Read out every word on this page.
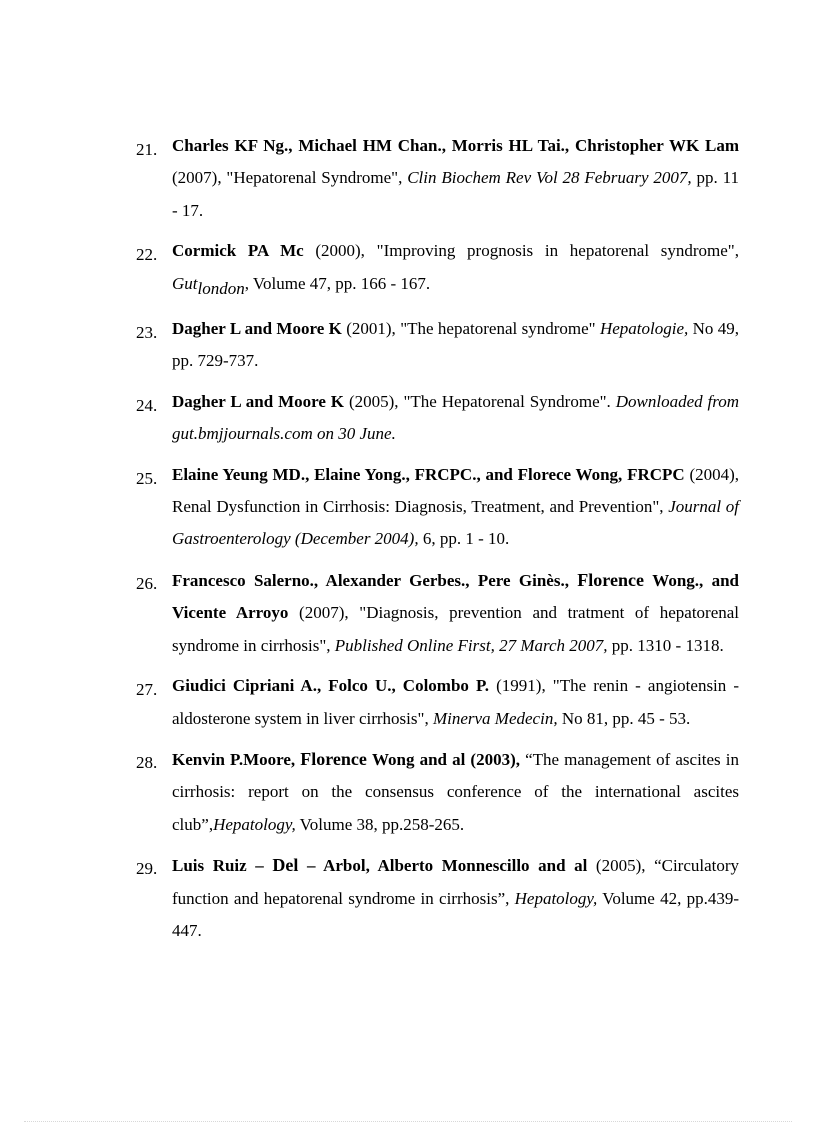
21. Charles KF Ng., Michael HM Chan., Morris HL Tai., Christopher WK Lam (2007), "Hepatorenal Syndrome", Clin Biochem Rev Vol 28 February 2007, pp. 11 - 17.
22. Cormick PA Mc (2000), "Improving prognosis in hepatorenal syndrome", Gutlondon, Volume 47, pp. 166 - 167.
23. Dagher L and Moore K (2001), "The hepatorenal syndrome" Hepatologie, No 49, pp. 729-737.
24. Dagher L and Moore K (2005), "The Hepatorenal Syndrome". Downloaded from gut.bmjjournals.com on 30 June.
25. Elaine Yeung MD., Elaine Yong., FRCPC., and Florece Wong, FRCPC (2004), Renal Dysfunction in Cirrhosis: Diagnosis, Treatment, and Prevention", Journal of Gastroenterology (December 2004), 6, pp. 1 - 10.
26. Francesco Salerno., Alexander Gerbes., Pere Ginès., Florence Wong., and Vicente Arroyo (2007), "Diagnosis, prevention and tratment of hepatorenal syndrome in cirrhosis", Published Online First, 27 March 2007, pp. 1310 - 1318.
27. Giudici Cipriani A., Folco U., Colombo P. (1991), "The renin - angiotensin - aldosterone system in liver cirrhosis", Minerva Medecin, No 81, pp. 45 - 53.
28. Kenvin P.Moore, Florence Wong and al (2003), “The management of ascites in cirrhosis: report on the consensus conference of the international ascites club”,Hepatology, Volume 38, pp.258-265.
29. Luis Ruiz – Del – Arbol, Alberto Monnescillo and al (2005), “Circulatory function and hepatorenal syndrome in cirrhosis”, Hepatology, Volume 42, pp.439- 447.
